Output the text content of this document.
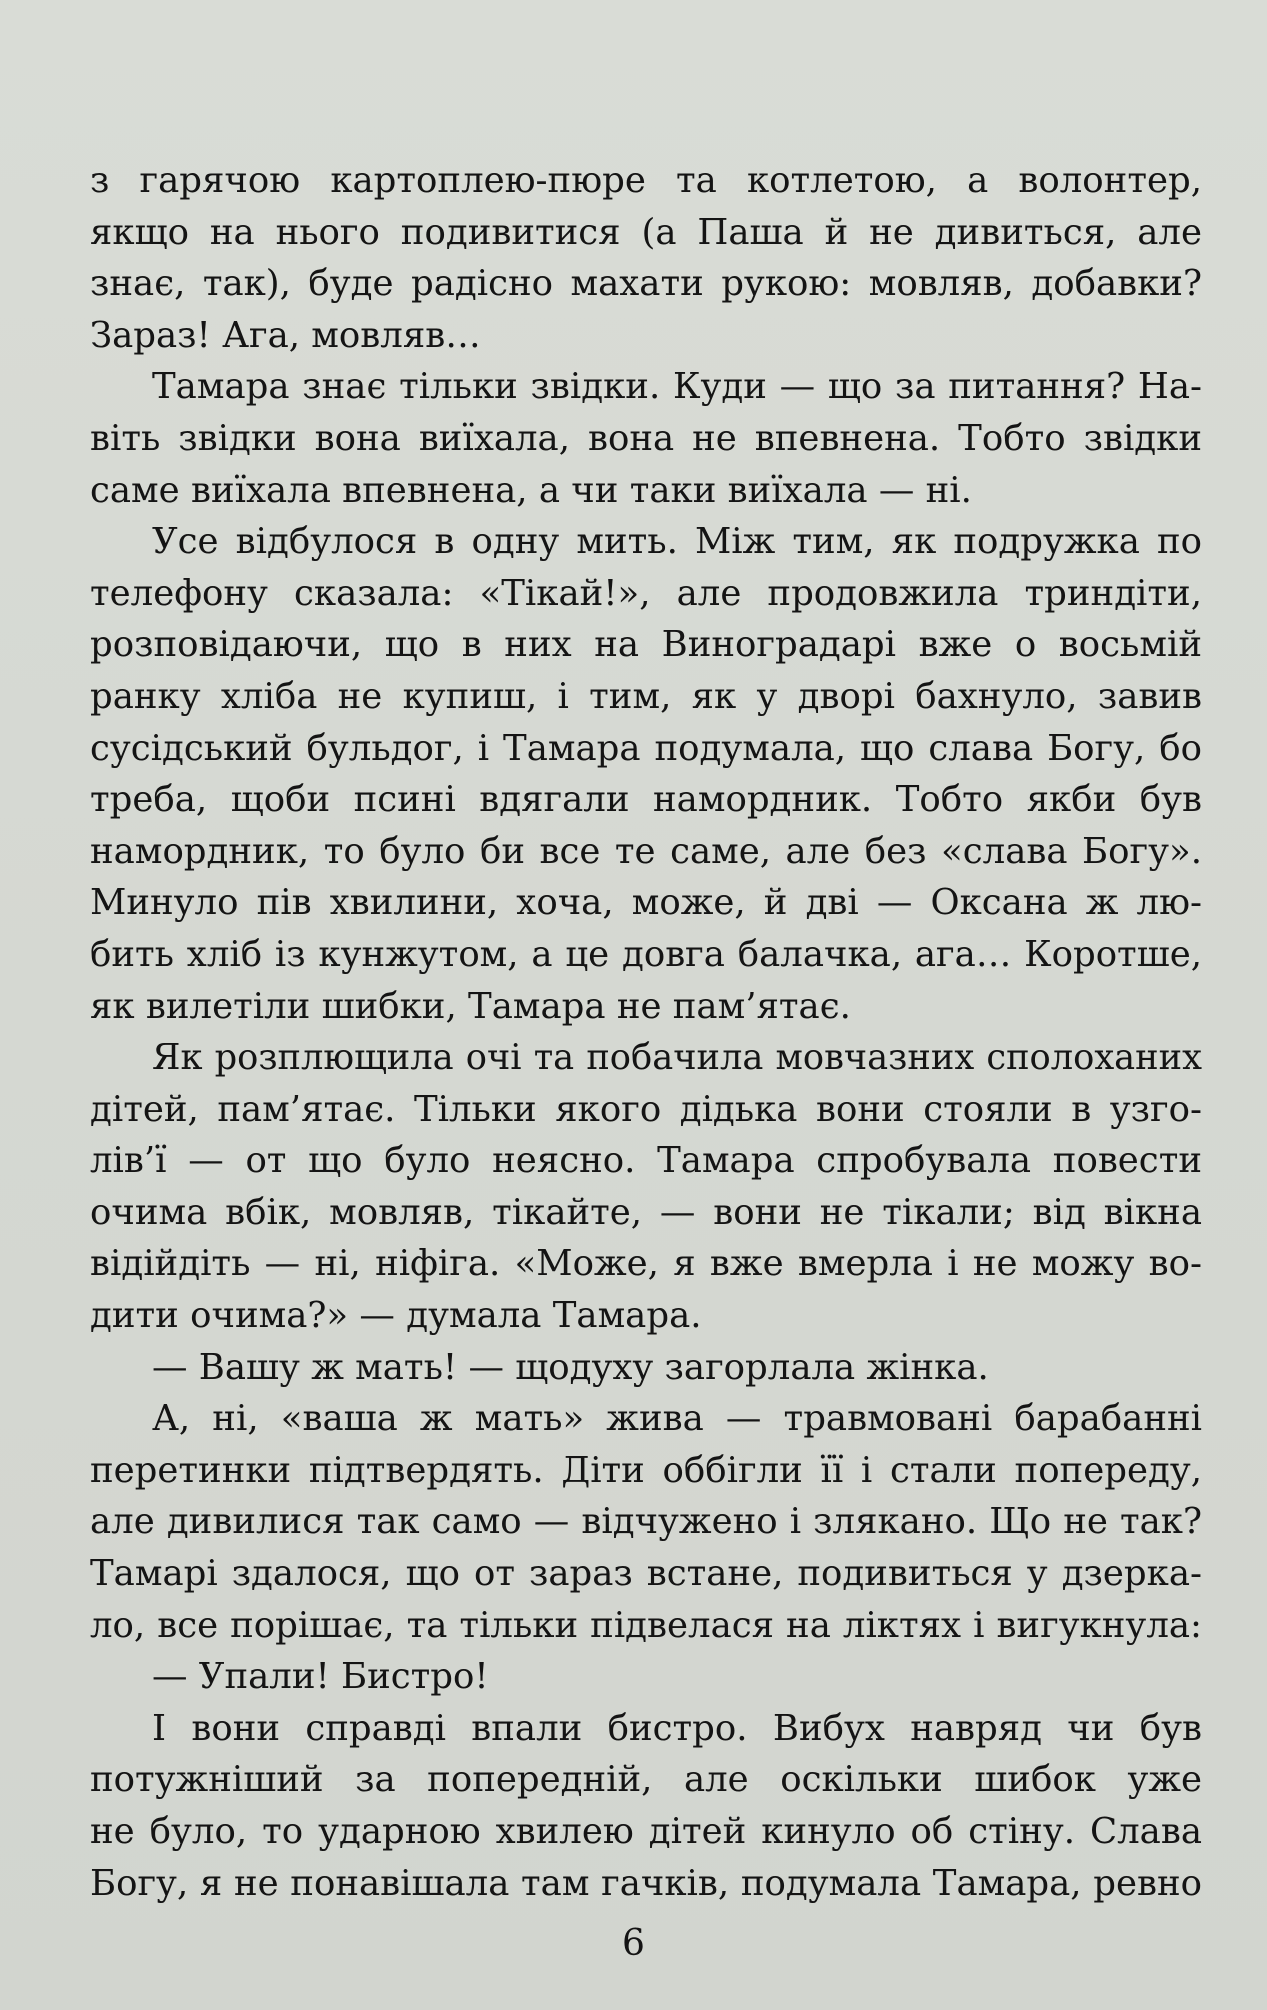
з гарячою картоплею-пюре та котлетою, а волонтер,
якщо на нього подивитися (а Паша й не дивиться, але
знає, так), буде радісно махати рукою: мовляв, добавки?
Зараз! Ага, мовляв…
Тамара знає тільки звідки. Куди — що за питання? На-
віть звідки вона виїхала, вона не впевнена. Тобто звідки
саме виїхала впевнена, а чи таки виїхала — ні.
Усе відбулося в одну мить. Між тим, як подружка по
телефону сказала: «Тікай!», але продовжила триндіти,
розповідаючи, що в них на Виноградарі вже о восьмій
ранку хліба не купиш, і тим, як у дворі бахнуло, завив
сусідський бульдог, і Тамара подумала, що слава Богу, бо
треба, щоби псині вдягали намордник. Тобто якби був
намордник, то було би все те саме, але без «слава Богу».
Минуло пів хвилини, хоча, може, й дві — Оксана ж лю-
бить хліб із кунжутом, а це довга балачка, ага… Коротше,
як вилетіли шибки, Тамара не пам’ятає.
Як розплющила очі та побачила мовчазних сполоханих
дітей, пам’ятає. Тільки якого дідька вони стояли в узго-
лів’ї — от що було неясно. Тамара спробувала повести
очима вбік, мовляв, тікайте, — вони не тікали; від вікна
відійдіть — ні, ніфіга. «Може, я вже вмерла і не можу во-
дити очима?» — думала Тамара.
— Вашу ж мать! — щодуху загорлала жінка.
А, ні, «ваша ж мать» жива — травмовані барабанні
перетинки підтвердять. Діти оббігли її і стали попереду,
але дивилися так само — відчужено і злякано. Що не так?
Тамарі здалося, що от зараз встане, подивиться у дзерка-
ло, все порішає, та тільки підвелася на ліктях і вигукнула:
— Упали! Бистро!
І вони справді впали бистро. Вибух навряд чи був
потужніший за попередній, але оскільки шибок уже
не було, то ударною хвилею дітей кинуло об стіну. Слава
Богу, я не понавішала там гачків, подумала Тамара, ревно
6
